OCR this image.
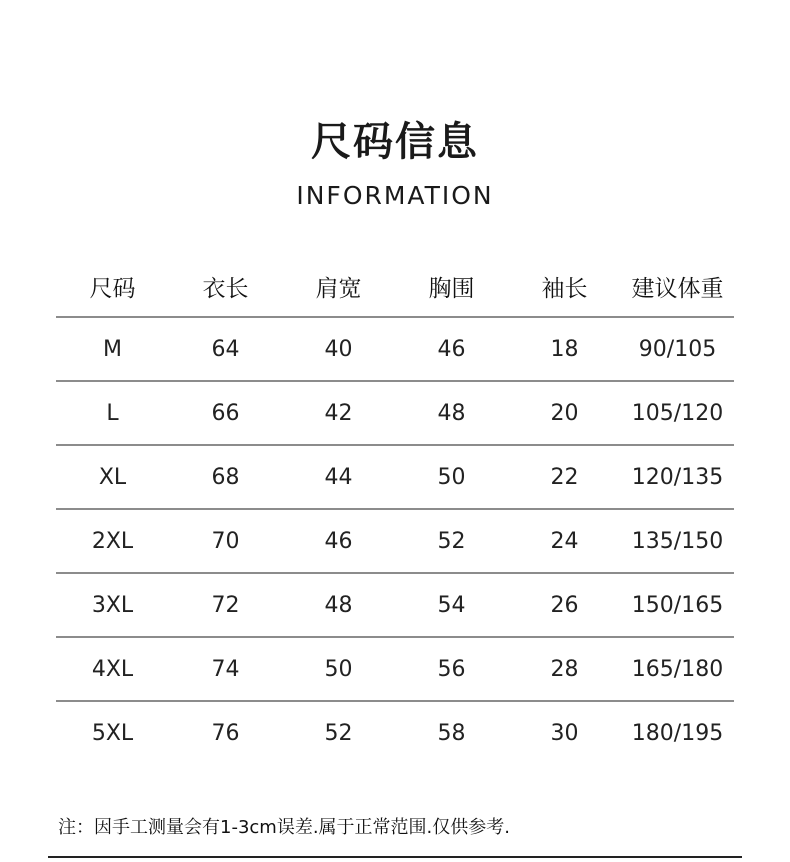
尺码信息
INFORMATION
尺码	衣长	肩宽	胸围	袖长	建议体重
M	64	40	46	18	90/105
L	66	42	48	20	105/120
XL	68	44	50	22	120/135
2XL	70	46	52	24	135/150
3XL	72	48	54	26	150/165
4XL	74	50	56	28	165/180
5XL	76	52	58	30	180/195
注：因手工测量会有1-3cm误差.属于正常范围.仅供参考.
